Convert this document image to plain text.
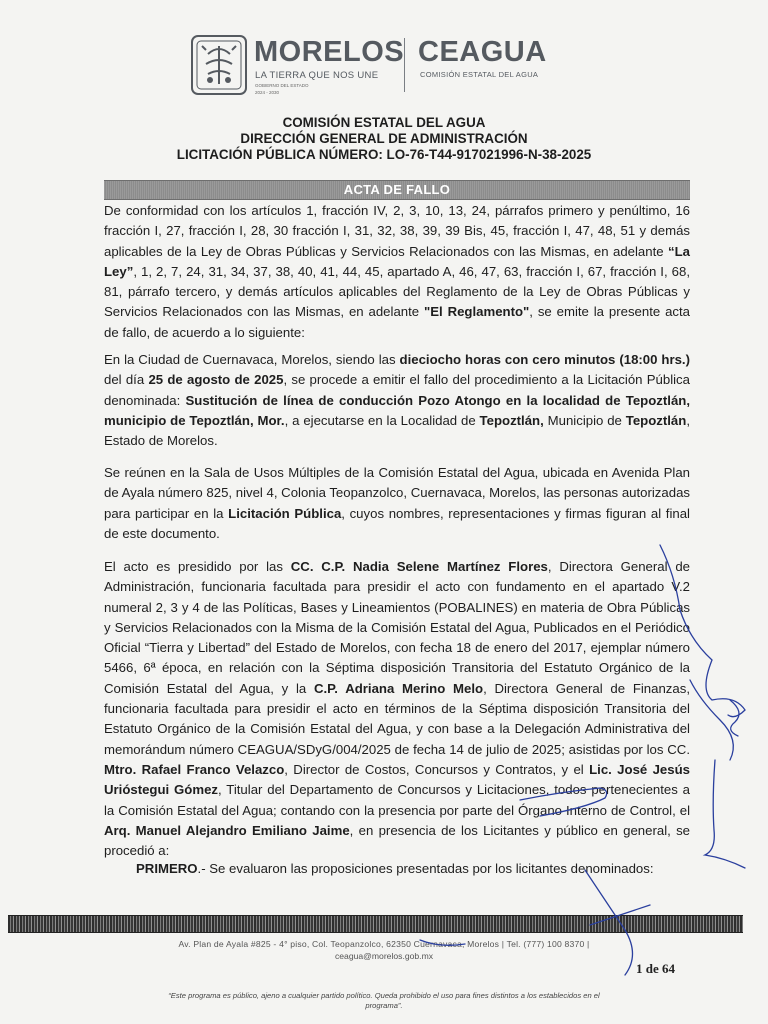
MORELOS
LA TIERRA QUE NOS UNE
GOBIERNO DEL ESTADO
2024 - 2030
CEAGUA
COMISIÓN ESTATAL DEL AGUA
COMISIÓN ESTATAL DEL AGUA
DIRECCIÓN GENERAL DE ADMINISTRACIÓN
LICITACIÓN PÚBLICA NÚMERO: LO-76-T44-917021996-N-38-2025
ACTA DE FALLO
De conformidad con los artículos 1, fracción IV, 2, 3, 10, 13, 24, párrafos primero y penúltimo, 16 fracción I, 27, fracción I, 28, 30 fracción I, 31, 32, 38, 39, 39 Bis, 45, fracción I, 47, 48, 51 y demás aplicables de la Ley de Obras Públicas y Servicios Relacionados con las Mismas, en adelante “La Ley”, 1, 2, 7, 24, 31, 34, 37, 38, 40, 41, 44, 45, apartado A, 46, 47, 63, fracción I, 67, fracción I, 68, 81, párrafo tercero, y demás artículos aplicables del Reglamento de la Ley de Obras Públicas y Servicios Relacionados con las Mismas, en adelante "El Reglamento", se emite la presente acta de fallo, de acuerdo a lo siguiente:
En la Ciudad de Cuernavaca, Morelos, siendo las dieciocho horas con cero minutos (18:00 hrs.) del día 25 de agosto de 2025, se procede a emitir el fallo del procedimiento a la Licitación Pública denominada: Sustitución de línea de conducción Pozo Atongo en la localidad de Tepoztlán, municipio de Tepoztlán, Mor., a ejecutarse en la Localidad de Tepoztlán, Municipio de Tepoztlán, Estado de Morelos.
Se reúnen en la Sala de Usos Múltiples de la Comisión Estatal del Agua, ubicada en Avenida Plan de Ayala número 825, nivel 4, Colonia Teopanzolco, Cuernavaca, Morelos, las personas autorizadas para participar en la Licitación Pública, cuyos nombres, representaciones y firmas figuran al final de este documento.
El acto es presidido por las CC. C.P. Nadia Selene Martínez Flores, Directora General de Administración, funcionaria facultada para presidir el acto con fundamento en el apartado V.2 numeral 2, 3 y 4 de las Políticas, Bases y Lineamientos (POBALINES) en materia de Obra Públicas y Servicios Relacionados con la Misma de la Comisión Estatal del Agua, Publicados en el Periódico Oficial “Tierra y Libertad” del Estado de Morelos, con fecha 18 de enero del 2017, ejemplar número 5466, 6ª época, en relación con la Séptima disposición Transitoria del Estatuto Orgánico de la Comisión Estatal del Agua, y la C.P. Adriana Merino Melo, Directora General de Finanzas, funcionaria facultada para presidir el acto en términos de la Séptima disposición Transitoria del Estatuto Orgánico de la Comisión Estatal del Agua, y con base a la Delegación Administrativa del memorándum número CEAGUA/SDyG/004/2025 de fecha 14 de julio de 2025; asistidas por los CC. Mtro. Rafael Franco Velazco, Director de Costos, Concursos y Contratos, y el Lic. José Jesús Urióstegui Gómez, Titular del Departamento de Concursos y Licitaciones, todos pertenecientes a la Comisión Estatal del Agua; contando con la presencia por parte del Órgano Interno de Control, el Arq. Manuel Alejandro Emiliano Jaime, en presencia de los Licitantes y público en general, se procedió a:
PRIMERO.- Se evaluaron las proposiciones presentadas por los licitantes denominados:
Av. Plan de Ayala #825 - 4° piso, Col. Teopanzolco, 62350 Cuernavaca, Morelos | Tel. (777) 100 8370 |
ceagua@morelos.gob.mx
1 de 64
“Este programa es público, ajeno a cualquier partido político. Queda prohibido el uso para fines distintos a los establecidos en el programa”.
